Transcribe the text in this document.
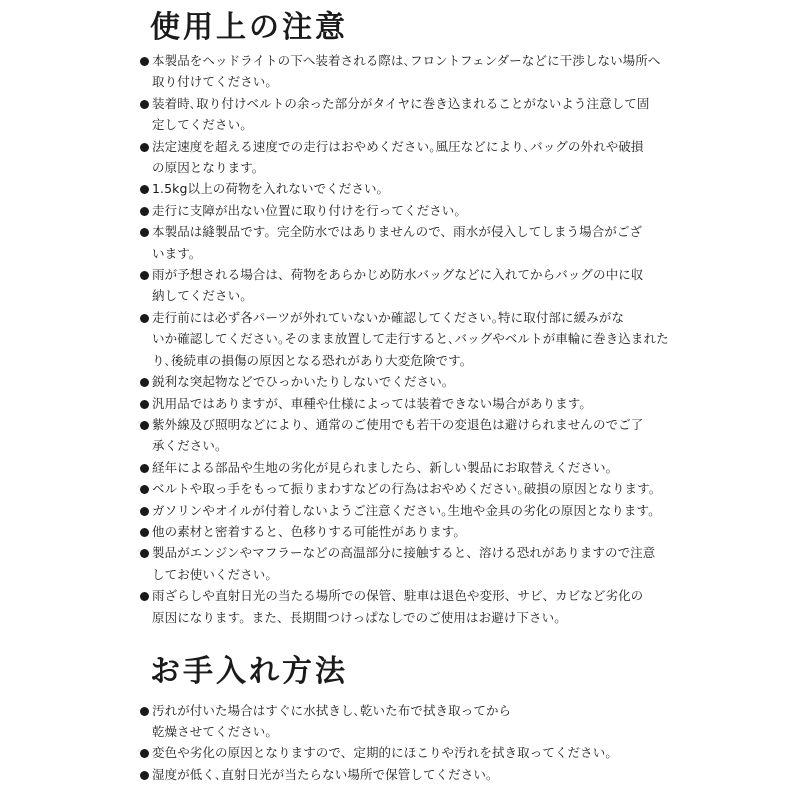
使用上の注意
本製品をヘッドライトの下へ装着される際は､フロントフェンダーなどに干渉しない場所へ
取り付けてください。
装着時､取り付けベルトの余った部分がタイヤに巻き込まれることがないよう注意して固
定してください。
法定速度を超える速度での走行はおやめください｡風圧などにより､バッグの外れや破損
の原因となります。
1.5kg以上の荷物を入れないでください。
走行に支障が出ない位置に取り付けを行ってください。
本製品は縫製品です。完全防水ではありませんので、雨水が侵入してしまう場合がござ
います。
雨が予想される場合は、荷物をあらかじめ防水バッグなどに入れてからバッグの中に収
納してください。
走行前には必ず各パーツが外れていないか確認してください｡特に取付部に緩みがな
いか確認してください｡そのまま放置して走行すると､バッグやベルトが車輪に巻き込まれた
り､後続車の損傷の原因となる恐れがあり大変危険です。
鋭利な突起物などでひっかいたりしないでください。
汎用品ではありますが、車種や仕様によっては装着できない場合があります。
紫外線及び照明などにより、通常のご使用でも若干の変退色は避けられませんのでご了
承ください。
経年による部品や生地の劣化が見られましたら、新しい製品にお取替えください。
ベルトや取っ手をもって振りまわすなどの行為はおやめください｡破損の原因となります。
ガソリンやオイルが付着しないようご注意ください｡生地や金具の劣化の原因となります。
他の素材と密着すると、色移りする可能性があります。
製品がエンジンやマフラーなどの高温部分に接触すると、溶ける恐れがありますので注意
してお使いください。
雨ざらしや直射日光の当たる場所での保管、駐車は退色や変形、サビ、カビなど劣化の
原因になります。また、長期間つけっぱなしでのご使用はお避け下さい。
お手入れ方法
汚れが付いた場合はすぐに水拭きし､乾いた布で拭き取ってから
乾燥させてください。
変色や劣化の原因となりますので、定期的にほこりや汚れを拭き取ってください。
湿度が低く､直射日光が当たらない場所で保管してください。
